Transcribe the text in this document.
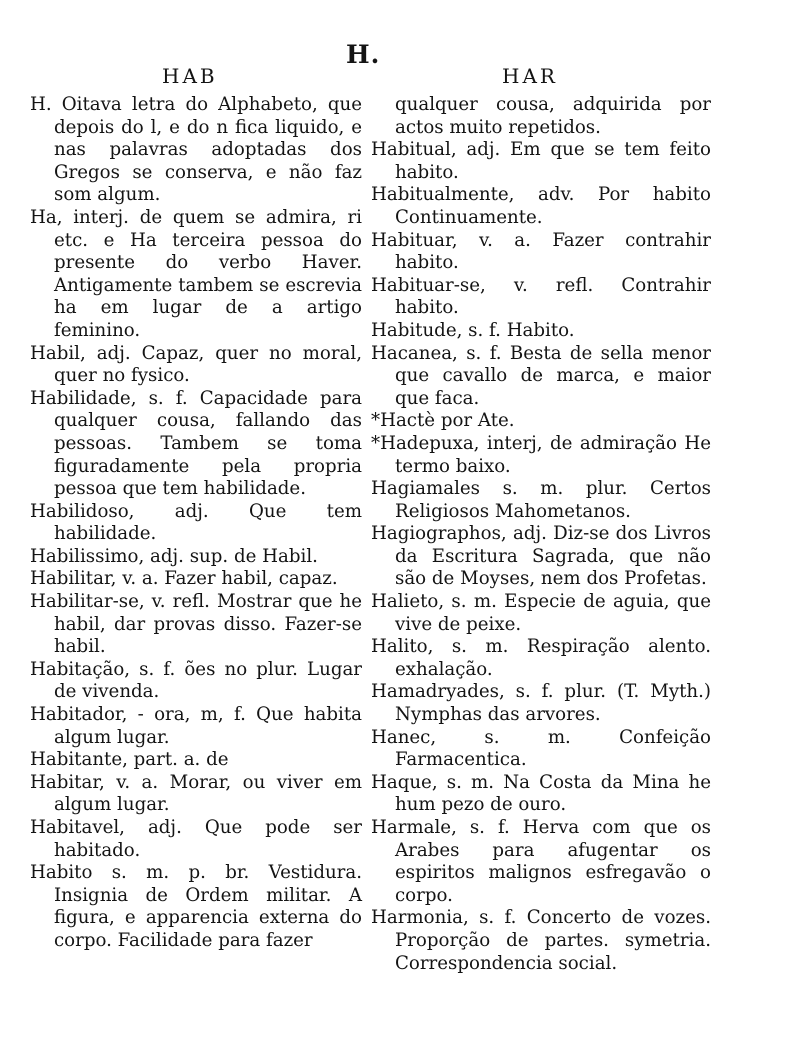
H.
HAB	HAR
H. Oitava letra do Alphabeto, que depois do l, e do n fica liquido, e nas palavras adoptadas dos Gregos se conserva, e não faz som algum.
Ha, interj. de quem se admira, ri etc. e Ha terceira pessoa do presente do verbo Haver. Antigamente tambem se escrevia ha em lugar de a artigo feminino.
Habil, adj. Capaz, quer no moral, quer no fysico.
Habilidade, s. f. Capacidade para qualquer cousa, fallando das pessoas. Tambem se toma figuradamente pela propria pessoa que tem habilidade.
Habilidoso, adj. Que tem habilidade.
Habilissimo, adj. sup. de Habil.
Habilitar, v. a. Fazer habil, capaz.
Habilitar-se, v. refl. Mostrar que he habil, dar provas disso. Fazer-se habil.
Habitação, s. f. ões no plur. Lugar de vivenda.
Habitador, - ora, m, f. Que habita algum lugar.
Habitante, part. a. de
Habitar, v. a. Morar, ou viver em algum lugar.
Habitavel, adj. Que pode ser habitado.
Habito s. m. p. br. Vestidura. Insignia de Ordem militar. A figura, e apparencia externa do corpo. Facilidade para fazer
qualquer cousa, adquirida por actos muito repetidos.
Habitual, adj. Em que se tem feito habito.
Habitualmente, adv. Por habito Continuamente.
Habituar, v. a. Fazer contrahir habito.
Habituar-se, v. refl. Contrahir habito.
Habitude, s. f. Habito.
Hacanea, s. f. Besta de sella menor que cavallo de marca, e maior que faca.
*Hactè por Ate.
*Hadepuxa, interj, de admiração He termo baixo.
Hagiamales s. m. plur. Certos Religiosos Mahometanos.
Hagiographos, adj. Diz-se dos Livros da Escritura Sagrada, que não são de Moyses, nem dos Profetas.
Halieto, s. m. Especie de aguia, que vive de peixe.
Halito, s. m. Respiração alento. exhalação.
Hamadryades, s. f. plur. (T. Myth.) Nymphas das arvores.
Hanec, s. m. Confeição Farmacentica.
Haque, s. m. Na Costa da Mina he hum pezo de ouro.
Harmale, s. f. Herva com que os Arabes para afugentar os espiritos malignos esfregavão o corpo.
Harmonia, s. f. Concerto de vozes. Proporção de partes. symetria. Correspondencia social.
